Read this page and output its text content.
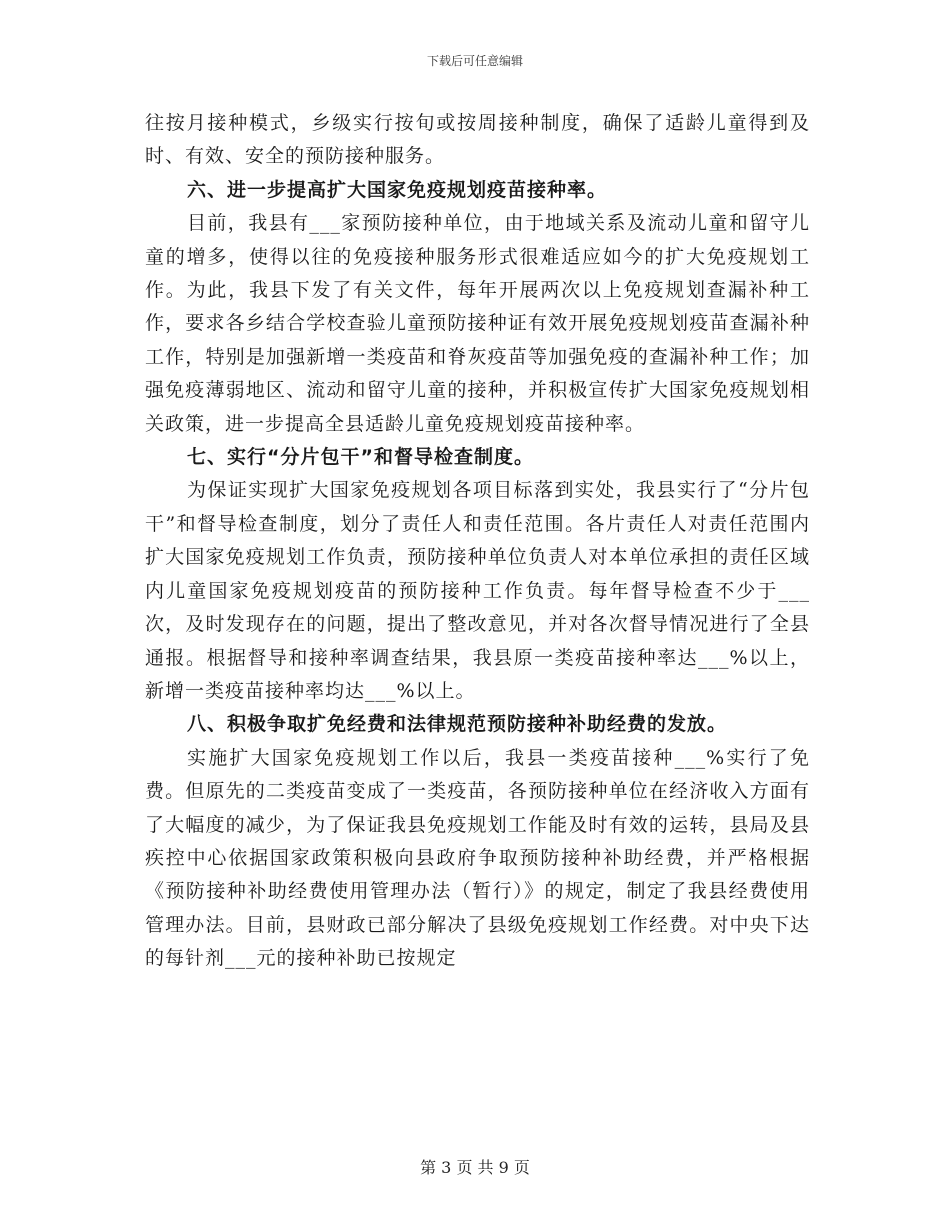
下载后可任意编辑

往按月接种模式，乡级实行按旬或按周接种制度，确保了适龄儿童得到及时、有效、安全的预防接种服务。

六、进一步提高扩大国家免疫规划疫苗接种率。

目前，我县有___家预防接种单位，由于地域关系及流动儿童和留守儿童的增多，使得以往的免疫接种服务形式很难适应如今的扩大免疫规划工作。为此，我县下发了有关文件，每年开展两次以上免疫规划查漏补种工作，要求各乡结合学校查验儿童预防接种证有效开展免疫规划疫苗查漏补种工作，特别是加强新增一类疫苗和脊灰疫苗等加强免疫的查漏补种工作；加强免疫薄弱地区、流动和留守儿童的接种，并积极宣传扩大国家免疫规划相关政策，进一步提高全县适龄儿童免疫规划疫苗接种率。

七、实行“分片包干”和督导检查制度。

为保证实现扩大国家免疫规划各项目标落到实处，我县实行了“分片包干”和督导检查制度，划分了责任人和责任范围。各片责任人对责任范围内扩大国家免疫规划工作负责，预防接种单位负责人对本单位承担的责任区域内儿童国家免疫规划疫苗的预防接种工作负责。每年督导检查不少于___次，及时发现存在的问题，提出了整改意见，并对各次督导情况进行了全县通报。根据督导和接种率调查结果，我县原一类疫苗接种率达___%以上，新增一类疫苗接种率均达___%以上。

八、积极争取扩免经费和法律规范预防接种补助经费的发放。

实施扩大国家免疫规划工作以后，我县一类疫苗接种___%实行了免费。但原先的二类疫苗变成了一类疫苗，各预防接种单位在经济收入方面有了大幅度的减少，为了保证我县免疫规划工作能及时有效的运转，县局及县疾控中心依据国家政策积极向县政府争取预防接种补助经费，并严格根据《预防接种补助经费使用管理办法（暂行）》的规定，制定了我县经费使用管理办法。目前，县财政已部分解决了县级免疫规划工作经费。对中央下达的每针剂___元的接种补助已按规定

第 3 页 共 9 页
